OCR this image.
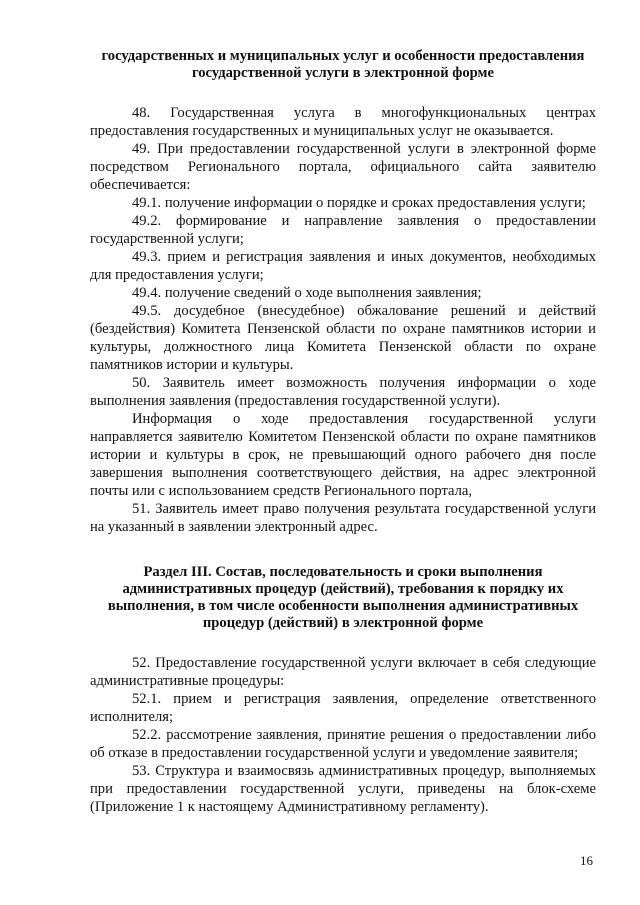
государственных и муниципальных услуг и особенности предоставления государственной услуги в электронной форме

48. Государственная услуга в многофункциональных центрах предоставления государственных и муниципальных услуг не оказывается.

49. При предоставлении государственной услуги в электронной форме посредством Регионального портала, официального сайта заявителю обеспечивается:

49.1. получение информации о порядке и сроках предоставления услуги;

49.2. формирование и направление заявления о предоставлении государственной услуги;

49.3. прием и регистрация заявления и иных документов, необходимых для предоставления услуги;

49.4. получение сведений о ходе выполнения заявления;

49.5. досудебное (внесудебное) обжалование решений и действий (бездействия) Комитета Пензенской области по охране памятников истории и культуры, должностного лица Комитета Пензенской области по охране памятников истории и культуры.

50. Заявитель имеет возможность получения информации о ходе выполнения заявления (предоставления государственной услуги).

Информация о ходе предоставления государственной услуги направляется заявителю Комитетом Пензенской области по охране памятников истории и культуры в срок, не превышающий одного рабочего дня после завершения выполнения соответствующего действия, на адрес электронной почты или с использованием средств Регионального портала,

51. Заявитель имеет право получения результата государственной услуги на указанный в заявлении электронный адрес.

Раздел III. Состав, последовательность и сроки выполнения административных процедур (действий), требования к порядку их выполнения, в том числе особенности выполнения административных процедур (действий) в электронной форме

52. Предоставление государственной услуги включает в себя следующие административные процедуры:

52.1. прием и регистрация заявления, определение ответственного исполнителя;

52.2. рассмотрение заявления, принятие решения о предоставлении либо об отказе в предоставлении государственной услуги и уведомление заявителя;

53. Структура и взаимосвязь административных процедур, выполняемых при предоставлении государственной услуги, приведены на блок-схеме (Приложение 1 к настоящему Административному регламенту).

16
